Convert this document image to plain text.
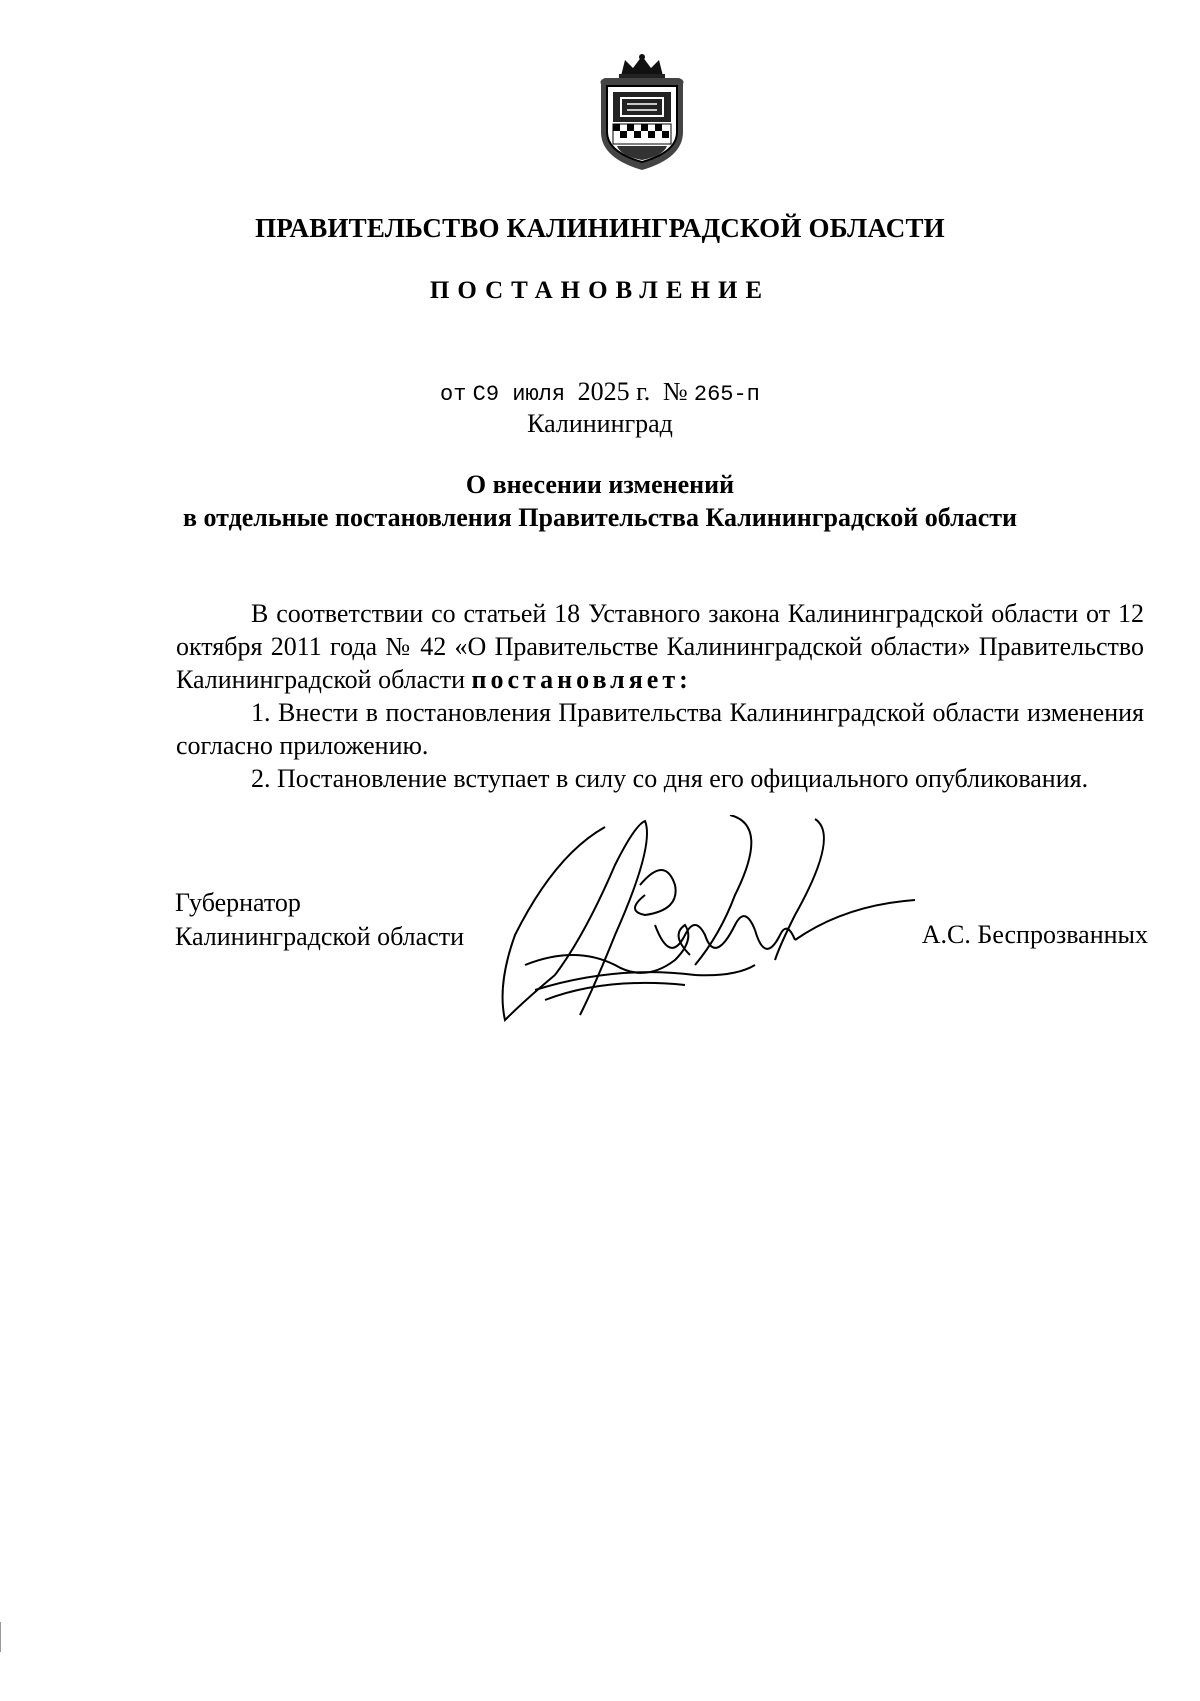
ПРАВИТЕЛЬСТВО КАЛИНИНГРАДСКОЙ ОБЛАСТИ
ПОСТАНОВЛЕНИЕ
от С9 июля 2025 г. № 265-п
Калининград
О внесении изменений
в отдельные постановления Правительства Калининградской области

В соответствии со статьей 18 Уставного закона Калининградской области от 12 октября 2011 года № 42 «О Правительстве Калининградской области» Правительство Калининградской области постановляет:

1. Внести в постановления Правительства Калининградской области изменения согласно приложению.

2. Постановление вступает в силу со дня его официального опубликования.

Губернатор
Калининградской области	А.С. Беспрозванных
